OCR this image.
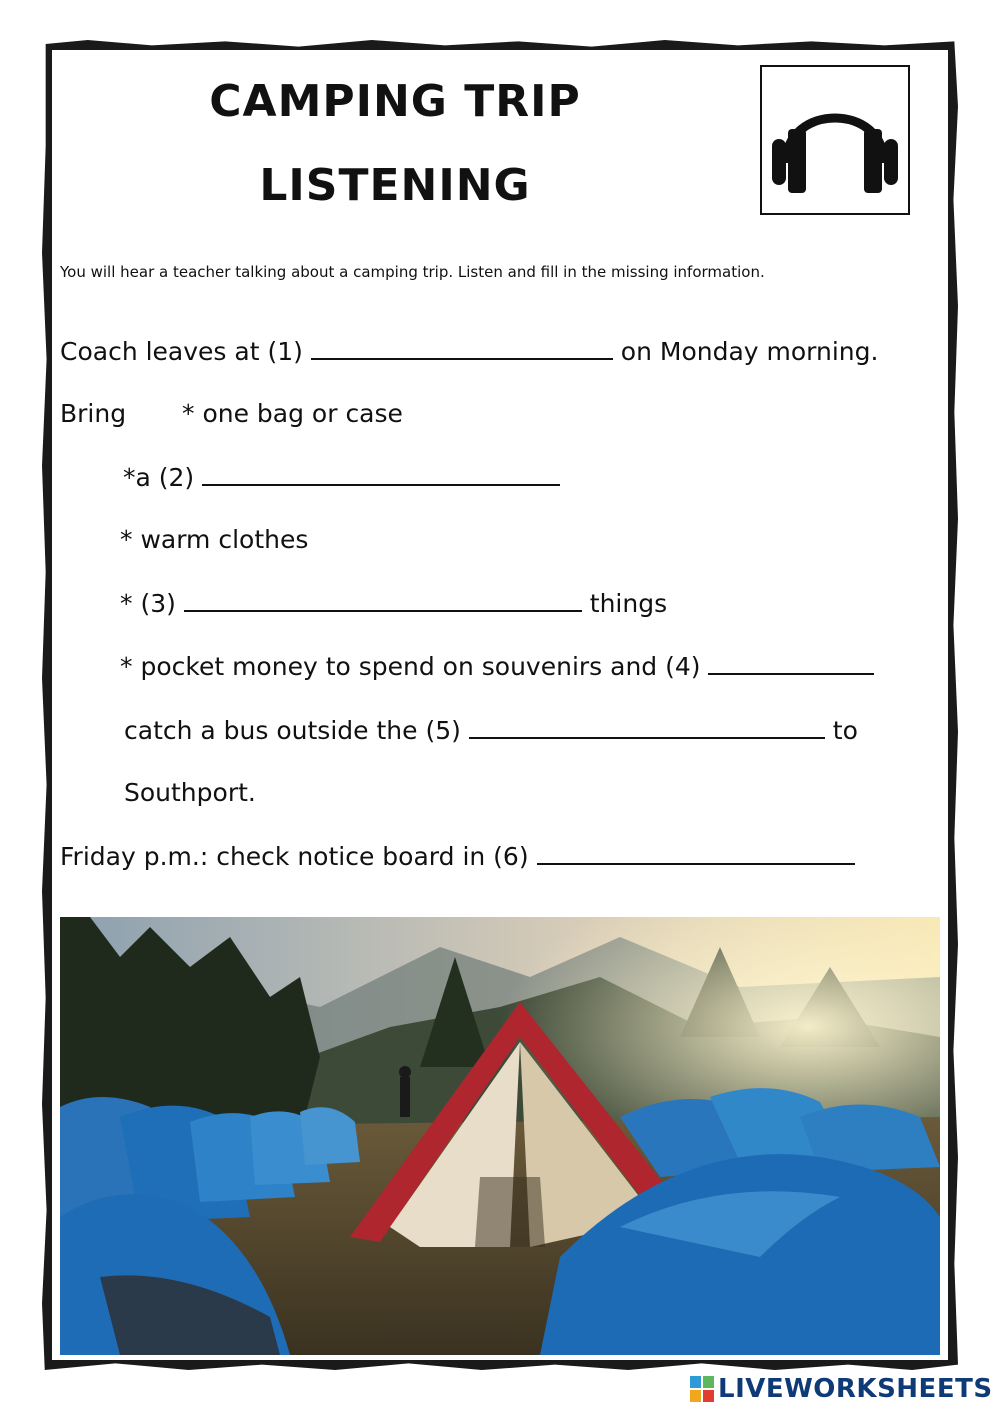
CAMPING TRIP
LISTENING
You will hear a teacher talking about a camping trip. Listen and fill in the missing information.
Coach leaves at (1)	on Monday morning.
Bring * one bag or case
*a (2)
* warm clothes
* (3)	things
* pocket money to spend on souvenirs and (4)
catch a bus outside the (5)	to
Southport.
Friday p.m.: check notice board in (6)
LIVEWORKSHEETS
